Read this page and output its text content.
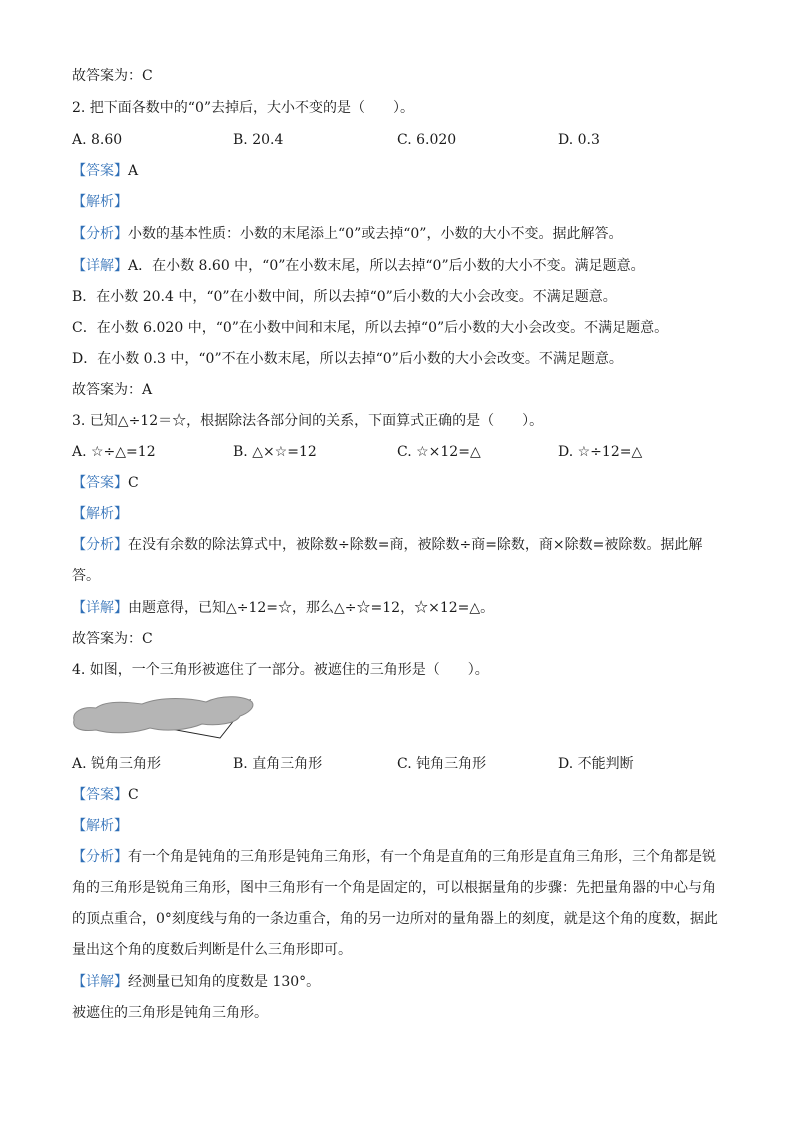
故答案为：C
2. 把下面各数中的“0”去掉后，大小不变的是（　　）。
A. 8.60	B. 20.4	C. 6.020	D. 0.3
【答案】A
【解析】
【分析】小数的基本性质：小数的末尾添上“0”或去掉“0”，小数的大小不变。据此解答。
【详解】A．在小数 8.60 中，“0”在小数末尾，所以去掉“0”后小数的大小不变。满足题意。
B．在小数 20.4 中，“0”在小数中间，所以去掉“0”后小数的大小会改变。不满足题意。
C．在小数 6.020 中，“0”在小数中间和末尾，所以去掉“0”后小数的大小会改变。不满足题意。
D．在小数 0.3 中，“0”不在小数末尾，所以去掉“0”后小数的大小会改变。不满足题意。
故答案为：A
3. 已知△÷12＝☆，根据除法各部分间的关系，下面算式正确的是（　　）。
A. ☆÷△=12	B. △×☆=12	C. ☆×12=△	D. ☆÷12=△
【答案】C
【解析】
【分析】在没有余数的除法算式中，被除数÷除数=商，被除数÷商=除数，商×除数=被除数。据此解答。
【详解】由题意得，已知△÷12=☆，那么△÷☆=12，☆×12=△。
故答案为：C
4. 如图，一个三角形被遮住了一部分。被遮住的三角形是（　　）。
A. 锐角三角形	B. 直角三角形	C. 钝角三角形	D. 不能判断
【答案】C
【解析】
【分析】有一个角是钝角的三角形是钝角三角形，有一个角是直角的三角形是直角三角形，三个角都是锐角的三角形是锐角三角形，图中三角形有一个角是固定的，可以根据量角的步骤：先把量角器的中心与角的顶点重合，0°刻度线与角的一条边重合，角的另一边所对的量角器上的刻度，就是这个角的度数，据此量出这个角的度数后判断是什么三角形即可。
【详解】经测量已知角的度数是 130°。
被遮住的三角形是钝角三角形。
